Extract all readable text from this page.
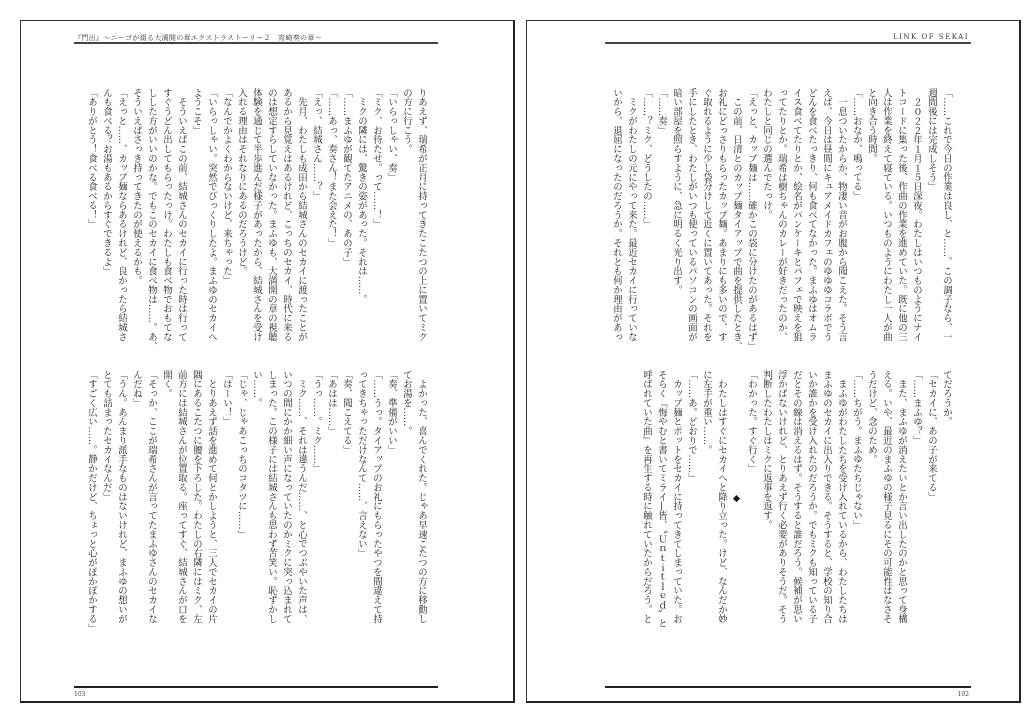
『門出』～ニーゴが綴る大満開の章エクストラストーリー２　宵崎奏の章～
りあえず、瑞希が正月に持ってきたこたつの上に置いてミク
の方に行こう。
「いらっしゃい、奏」
「ミク、お待たせ。って……！」
　ミクの隣には、驚きの姿があった。それは……。
「……まふゆが観てたアニメの、あの子」
「……あっ、奏さん！また会えた！」
「えっ、結城さん……？」
　先月、わたしも成田から結城さんのセカイに渡ったことが
あるから見覚えはあるけれど、こっちのセカイ、時代に来る
のは想定すらしていなかった。まふゆも、大満開の章の視聴
体験を通じて半歩進んだ様子があったから、結城さんを受け
入れる理由はそれなりにあるのだろうけど。
「なんでかよくわからないけど、来ちゃった」
「いらっしゃい。突然でびっくりしたよ。まふゆのセカイへ
ようこそ」
　そういえばこの前、結城さんのセカイに行った時は行って
すぐうどん出してもらったっけ。わたしも食べ物でおもてな
しした方がいいのかな。でもこのセカイに食べ物は……。あ、
そういえばさっき持ってきたのが使えるかも。
「えっと……、カップ麺ならあるけれど、良かったら結城さ
んも食べる？お湯もあるからすぐできるよ」
「ありがとう！食べる食べる！」
　よかった、喜んでくれた。じゃあ早速こたつの方に移動し
てお湯を……。
「奏、準備がいい」
「……うっ。タイアップのお礼にもらったやつを間違えて持
ってきちゃっただけなんて……、言えない」
「奏、聞こえてる」
「あはは……」
「うっ……。ミク……」
　ミク……、それは違うんだ……、と心でつぶやいた声は、
いつの間にかか細い声になっていたのかミクに突っ込まれて
しまった。この様子には結城さんも思わず苦笑い。恥ずかし
い……。
「じゃ、じゃあこっちのコタツに……」
「はーい！」
　とりあえず話を進めて何とかしようと、三人でセカイの片
隅にあるこたつに腰を下ろした。わたしの右隣にはミク、左
前方には結城さんが位置取る。座ってすぐ、結城さんが口を
開く。
「そっか、ここが瑞希さんが言ってたまふゆさんのセカイな
んだね」
「うん。あんまり派手なものはないけれど、まふゆの想いが
とても詰まったセカイなんだ」
「すごく広い……。静かだけど、ちょっと心がぽかぽかする」
103
LINK OF SEKAI
「……これで今日の作業は良し、と……。この調子なら、一
週間後には完成しそう」
　２０２２年１月１５日深夜。わたしはいつものようにナイ
トコードに集った後、作曲の作業を進めていた。既に他の三
人は作業を終えて寝ている。いつものようにわたし一人が曲
と向き合う時間。
「……おなか、鳴ってる」
　一息ついたからか、物凄い音がお腹から聞こえた。そう言
えば、今日は昼間にキュアメイドカフェのゆゆゆコラボでう
どんを食べたっきり、何も食べてなかった。まふゆはオムラ
イス食べてたりとか、絵名がパンケーキとパフェで映えを狙
ってたりとか。瑞希は樹ちゃんのカレーが好きだったのか、
わたしと同じの選んでたっけ。
「えっと、カップ麺は……確かこの袋に分けたのがあるはず」
　この前、日清とのカップ麺タイアップで曲を提供したとき、
お礼にどっさりもらったカップ麺。あまりにも多いので、す
ぐ取れるように少し袋分けして近くに置いてあった。それを
手にしたとき、わたしがいつも使っているパソコンの画面が
暗い部屋を照らすように、急に明るく光り出す。
「……奏」
「……？ミク、どうしたの……」
　ミクがわたしの元にやって来た。最近セカイに行っていな
いから、退屈になったのだろうか。それとも何か理由があっ
てだろうか。
「セカイに、あの子が来てる」
「……まふゆ？」
　また、まふゆが消えたいとか言い出したのかと思って身構
える。いや、最近のまふゆの様子見るにその可能性はなさそ
うだけど、念のため。
「……ちがう。まふゆたちじゃない」
　まふゆがわたしたちを受け入れているから、わたしたちは
まふゆのセカイに出入りできる。そうすると、学校の知り合
いか誰かを受け入れたのだろうか。でもミクも知っている子
だとその線は消えるはず。そうすると誰だろう。候補が思い
浮かばないけれど、とりあえず行く必要がありそうだ。そう
判断したわたしはミクに返事を返す。
「わかった。すぐ行く」
◆
　わたしはすぐにセカイへと降り立った。けど、なんだか妙
に左手が重い……。
「……あ。どおりで……」
　カップ麺とポットをセカイに持ってきてしまっていた。お
そらく『悔やむと書いてミライ―皆、〝Ｕｎｔｉｔｌｅｄ〟と
呼ばれていた曲』を再生する時に触れていたからだろう。と
102
